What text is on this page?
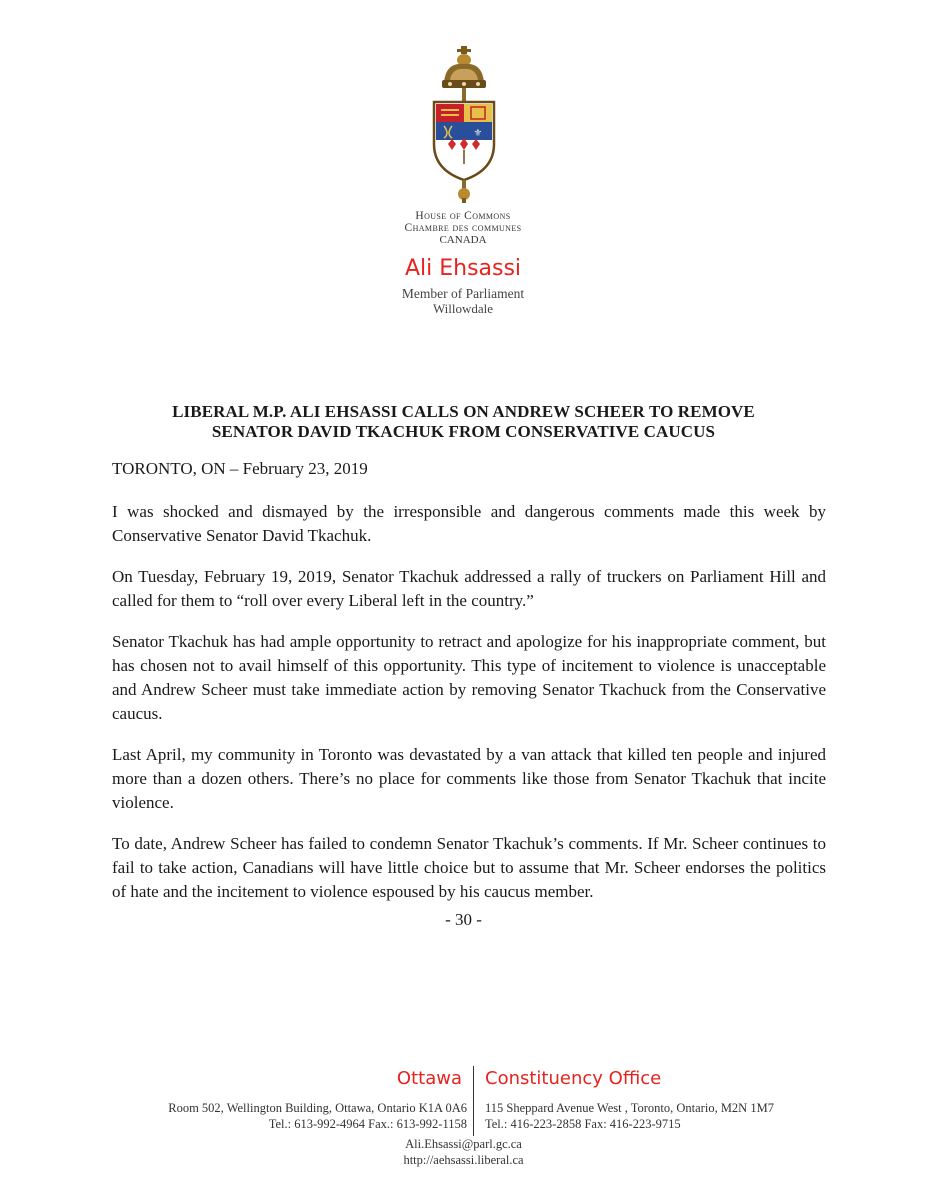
⚜
House of Commons
Chambre des communes
CANADA
Ali Ehsassi
Member of Parliament
Willowdale
LIBERAL M.P. ALI EHSASSI CALLS ON ANDREW SCHEER TO REMOVE
SENATOR DAVID TKACHUK FROM CONSERVATIVE CAUCUS
TORONTO, ON – February 23, 2019

I was shocked and dismayed by the irresponsible and dangerous comments made this week by Conservative Senator David Tkachuk.

On Tuesday, February 19, 2019, Senator Tkachuk addressed a rally of truckers on Parliament Hill and called for them to “roll over every Liberal left in the country.”

Senator Tkachuk has had ample opportunity to retract and apologize for his inappropriate comment, but has chosen not to avail himself of this opportunity. This type of incitement to violence is unacceptable and Andrew Scheer must take immediate action by removing Senator Tkachuck from the Conservative caucus.

Last April, my community in Toronto was devastated by a van attack that killed ten people and injured more than a dozen others. There’s no place for comments like those from Senator Tkachuk that incite violence.

To date, Andrew Scheer has failed to condemn Senator Tkachuk’s comments. If Mr. Scheer continues to fail to take action, Canadians will have little choice but to assume that Mr. Scheer endorses the politics of hate and the incitement to violence espoused by his caucus member.

- 30 -
Ottawa Constituency Office
Room 502, Wellington Building, Ottawa, Ontario K1A 0A6
Tel.: 613-992-4964 Fax.: 613-992-1158
115 Sheppard Avenue West , Toronto, Ontario, M2N 1M7
Tel.: 416-223-2858 Fax: 416-223-9715
Ali.Ehsassi@parl.gc.ca
http://aehsassi.liberal.ca
